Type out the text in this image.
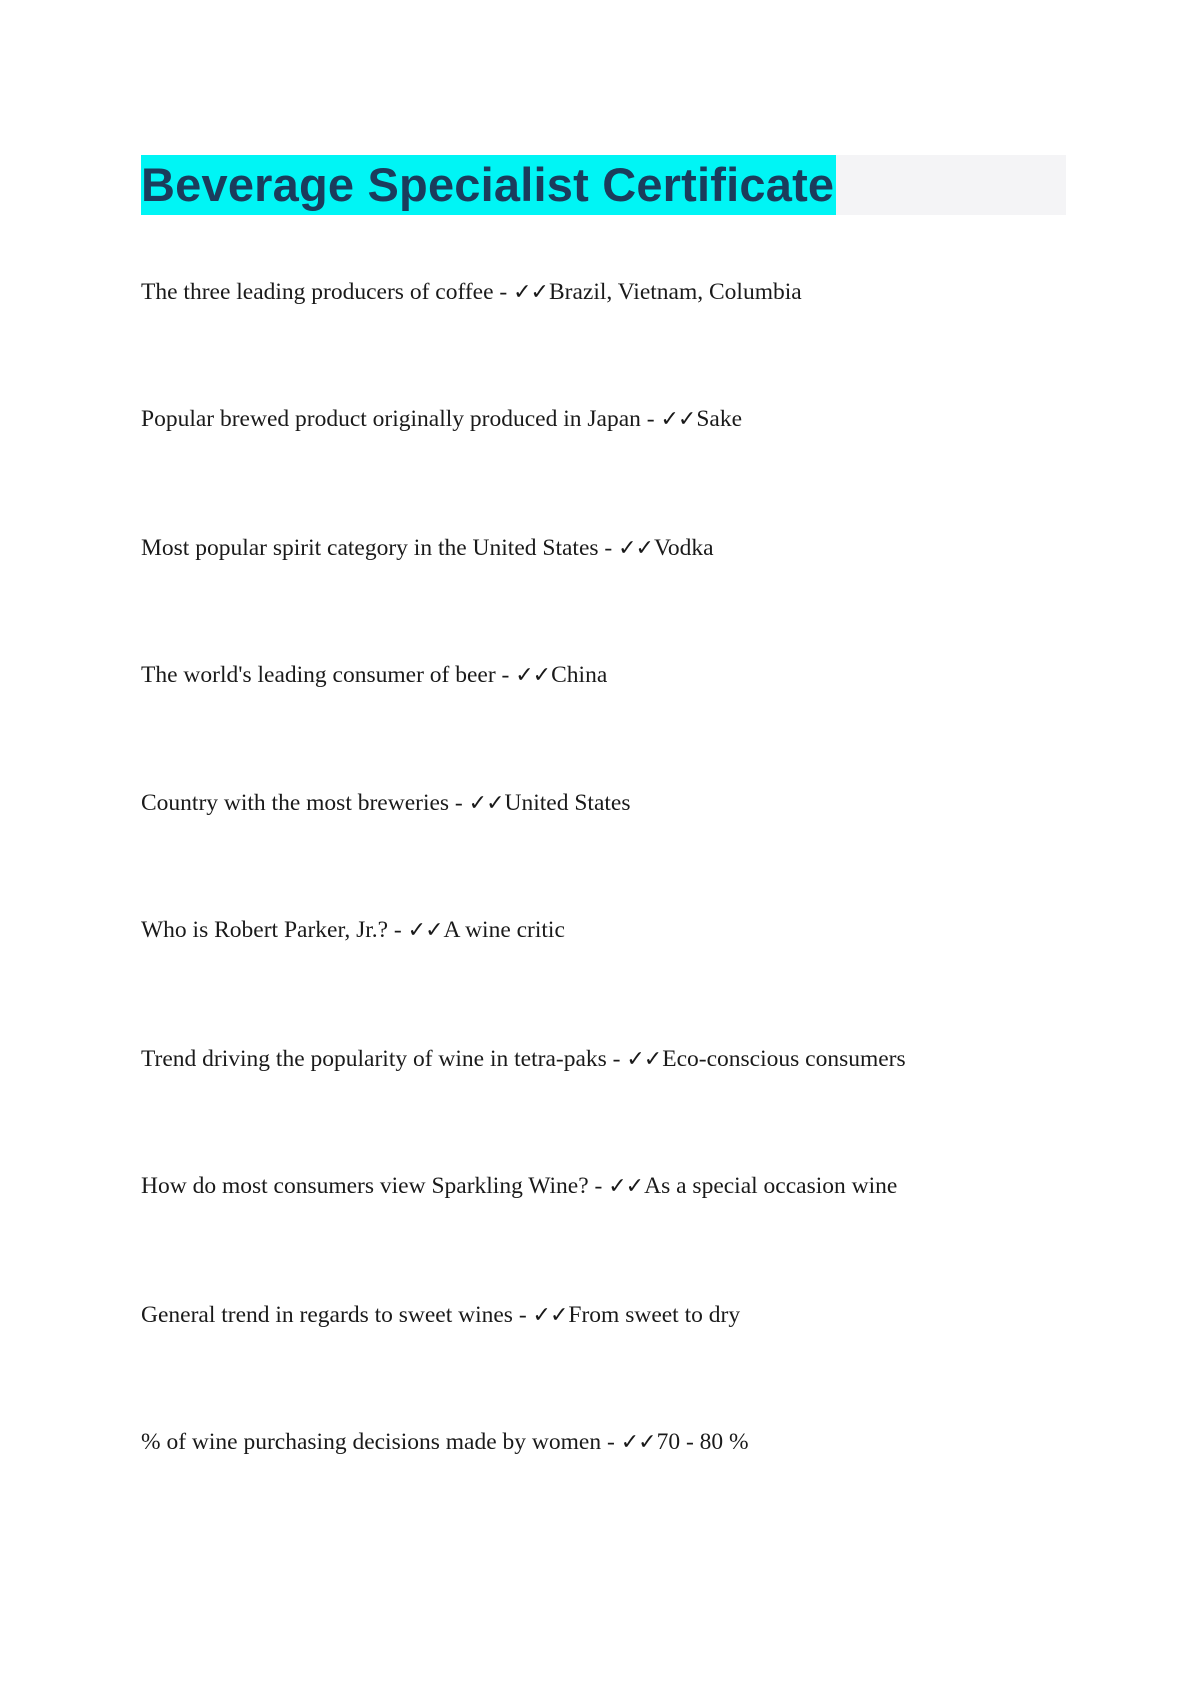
Beverage Specialist Certificate
The three leading producers of coffee - ✓✓Brazil, Vietnam, Columbia
Popular brewed product originally produced in Japan - ✓✓Sake
Most popular spirit category in the United States - ✓✓Vodka
The world's leading consumer of beer - ✓✓China
Country with the most breweries - ✓✓United States
Who is Robert Parker, Jr.? - ✓✓A wine critic
Trend driving the popularity of wine in tetra-paks - ✓✓Eco-conscious consumers
How do most consumers view Sparkling Wine? - ✓✓As a special occasion wine
General trend in regards to sweet wines - ✓✓From sweet to dry
% of wine purchasing decisions made by women - ✓✓70 - 80 %
